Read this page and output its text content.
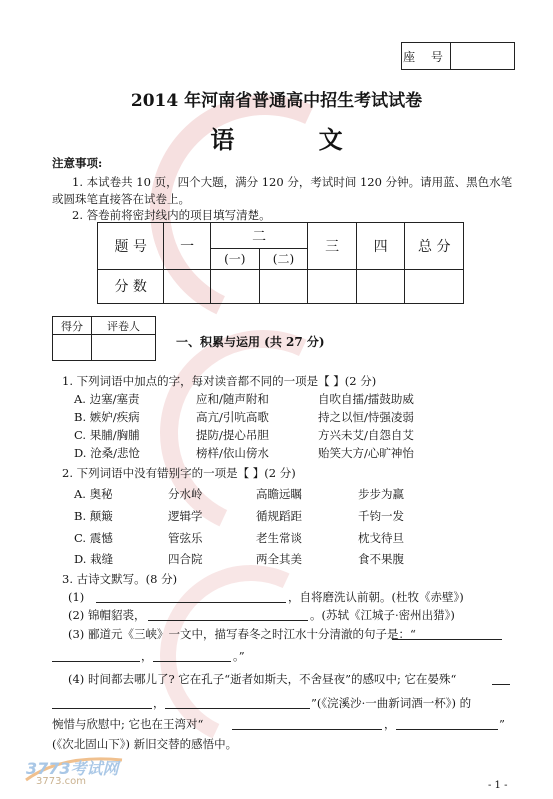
座 号
2014 年河南省普通高中招生考试试卷
语 文
注意事项:
1. 本试卷共 10 页，四个大题，满分 120 分，考试时间 120 分钟。请用蓝、黑色水笔
或圆珠笔直接答在试卷上。
2. 答卷前将密封线内的项目填写清楚。
题 号	一	二		三	四	总 分
		(一)	(二)			
分 数						
得分	评卷人

一、积累与运用 (共 27 分)
1. 下列词语中加点的字，每对读音都不同的一项是【 】(2 分)
A. 边塞/塞责	应和/随声附和	自吹自擂/擂鼓助威
B. 嫉妒/疾病	高亢/引吭高歌	持之以恒/恃强凌弱
C. 果脯/胸脯	提防/提心吊胆	方兴未艾/自怨自艾
D. 沧桑/悲怆	榜样/依山傍水	贻笑大方/心旷神怡
2. 下列词语中没有错别字的一项是【 】(2 分)
A. 奥秘	分水岭	高瞻远瞩	步步为赢
B. 颠簸	逻辑学	循规蹈距	千钧一发
C. 震憾	管弦乐	老生常谈	枕戈待旦
D. 栽缝	四合院	两全其美	食不果腹
3. 古诗文默写。(8 分)
(1)	，自将磨洗认前朝。(杜牧《赤壁》)
(2) 锦帽貂裘，	。(苏轼《江城子·密州出猎》)
(3) 郦道元《三峡》一文中，描写春冬之时江水十分清澈的句子是：“
，	。”
(4) 时间都去哪儿了? 它在孔子“逝者如斯夫，不舍昼夜”的感叹中; 它在晏殊“
，	”(《浣溪沙·一曲新词酒一杯》) 的
惋惜与欣慰中; 它也在王湾对“	，	”
(《次北固山下》) 新旧交替的感悟中。
3773考试网
3773.com	- 1 -
